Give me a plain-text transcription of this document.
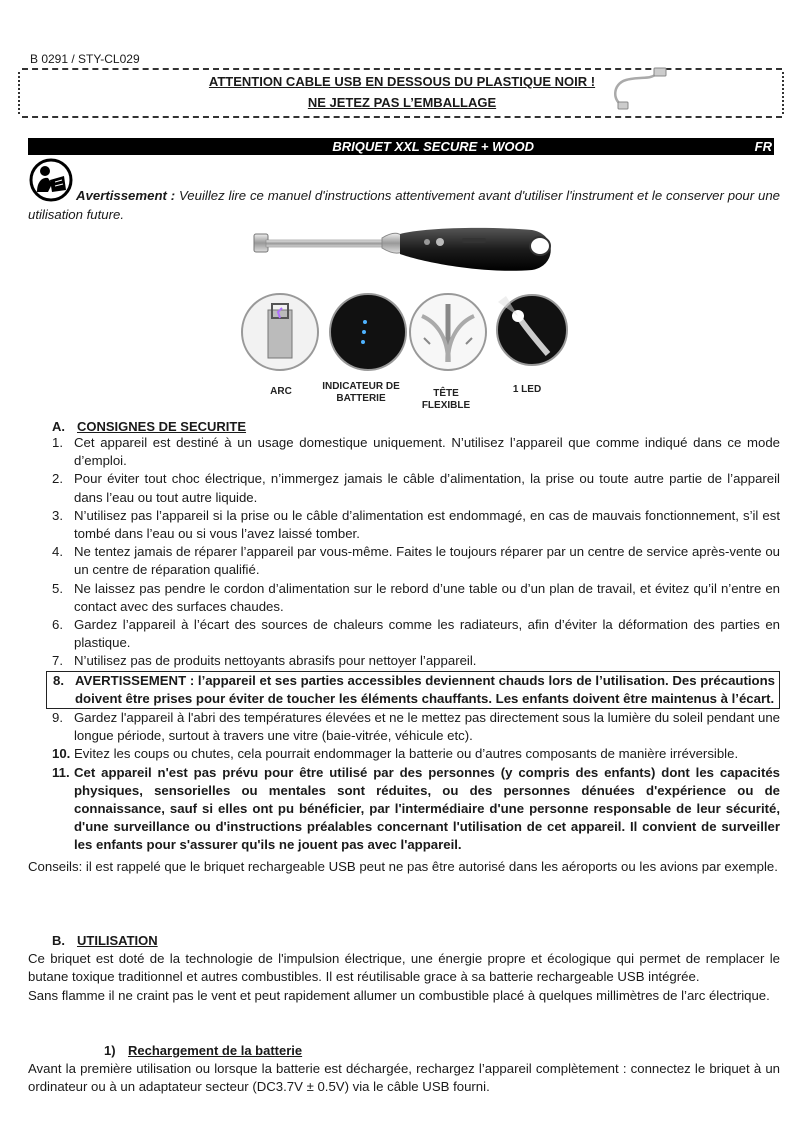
B 0291 / STY-CL029
ATTENTION CABLE USB EN DESSOUS DU PLASTIQUE NOIR !
NE JETEZ PAS L’EMBALLAGE
BRIQUET XXL SECURE + WOOD	FR
Avertissement : Veuillez lire ce manuel d'instructions attentivement avant d'utiliser l'instrument et le conserver pour une utilisation future.
ARC	INDICATEUR DE BATTERIE	TÊTE FLEXIBLE
1 LED
A. CONSIGNES DE SECURITE
1. Cet appareil est destiné à un usage domestique uniquement. N’utilisez l’appareil que comme indiqué dans ce mode d’emploi.
2. Pour éviter tout choc électrique, n’immergez jamais le câble d’alimentation, la prise ou toute autre partie de l’appareil dans l’eau ou tout autre liquide.
3. N’utilisez pas l’appareil si la prise ou le câble d’alimentation est endommagé, en cas de mauvais fonctionnement, s’il est tombé dans l’eau ou si vous l’avez laissé tomber.
4. Ne tentez jamais de réparer l’appareil par vous-même. Faites le toujours réparer par un centre de service après-vente ou un centre de réparation qualifié.
5. Ne laissez pas pendre le cordon d’alimentation sur le rebord d’une table ou d’un plan de travail, et évitez qu’il n’entre en contact avec des surfaces chaudes.
6. Gardez l’appareil à l’écart des sources de chaleurs comme les radiateurs, afin d’éviter la déformation des parties en plastique.
7. N’utilisez pas de produits nettoyants abrasifs pour nettoyer l’appareil.
8. AVERTISSEMENT : l’appareil et ses parties accessibles deviennent chauds lors de l’utilisation. Des précautions doivent être prises pour éviter de toucher les éléments chauffants. Les enfants doivent être maintenus à l’écart.
9. Gardez l'appareil à l'abri des températures élevées et ne le mettez pas directement sous la lumière du soleil pendant une longue période, surtout à travers une vitre (baie-vitrée, véhicule etc).
10. Evitez les coups ou chutes, cela pourrait endommager la batterie ou d’autres composants de manière irréversible.
11. Cet appareil n'est pas prévu pour être utilisé par des personnes (y compris des enfants) dont les capacités physiques, sensorielles ou mentales sont réduites, ou des personnes dénuées d'expérience ou de connaissance, sauf si elles ont pu bénéficier, par l'intermédiaire d'une personne responsable de leur sécurité, d'une surveillance ou d'instructions préalables concernant l'utilisation de cet appareil. Il convient de surveiller les enfants pour s'assurer qu'ils ne jouent pas avec l'appareil.
Conseils: il est rappelé que le briquet rechargeable USB peut ne pas être autorisé dans les aéroports ou les avions par exemple.
B. UTILISATION
Ce briquet est doté de la technologie de l'impulsion électrique, une énergie propre et écologique qui permet de remplacer le butane toxique traditionnel et autres combustibles. Il est réutilisable grace à sa batterie rechargeable USB intégrée.
Sans flamme il ne craint pas le vent et peut rapidement allumer un combustible placé à quelques millimètres de l’arc électrique.
1) Rechargement de la batterie
Avant la première utilisation ou lorsque la batterie est déchargée, rechargez l’appareil complètement : connectez le briquet à un ordinateur ou à un adaptateur secteur (DC3.7V ± 0.5V) via le câble USB fourni.
